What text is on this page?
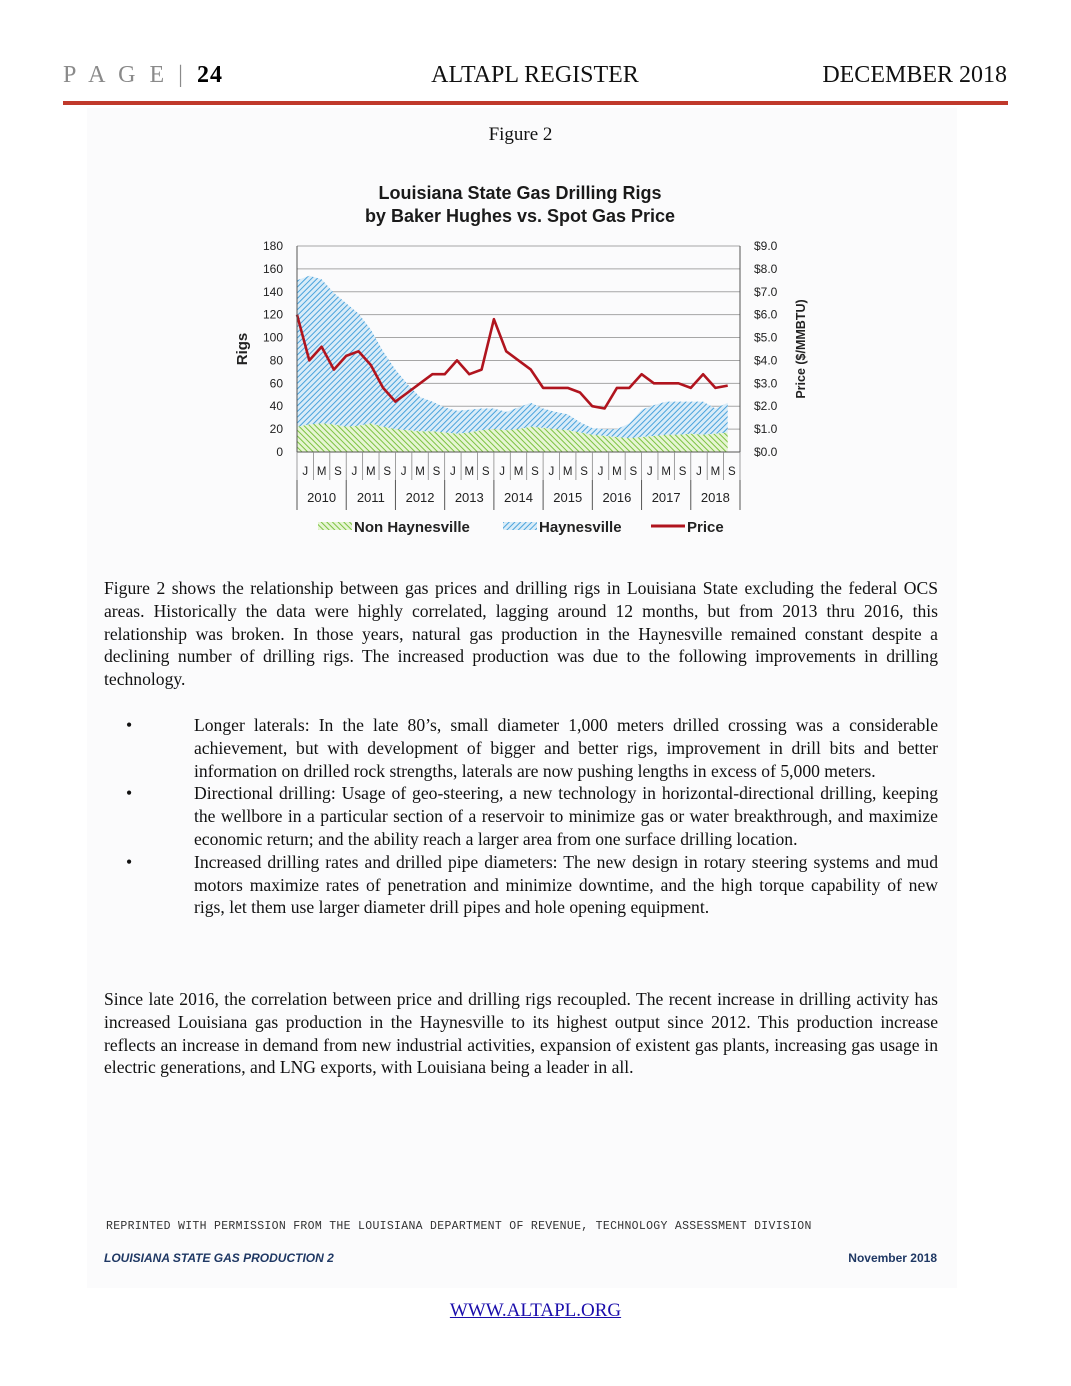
P A G E | 24	ALTAPL REGISTER	DECEMBER 2018
Figure 2
Louisiana State Gas Drilling Rigs
by Baker Hughes vs. Spot Gas Price
180
160
140
120
100
80
60
40
20
0
$9.0
$8.0
$7.0
$6.0
$5.0
$4.0
$3.0
$2.0
$1.0
$0.0
Rigs	Price ($/MMBTU)
J M S J M S J M S J M S J M S J M S J M S J M S J M S
2010 2011 2012 2013 2014 2015 2016 2017 2018
Non Haynesville	Haynesville	Price
Figure 2 shows the relationship between gas prices and drilling rigs in Louisiana State excluding the federal OCS areas. Historically the data were highly correlated, lagging around 12 months, but from 2013 thru 2016, this relationship was broken. In those years, natural gas production in the Haynesville remained constant despite a declining number of drilling rigs. The increased production was due to the following improvements in drilling technology.
•	Longer laterals: In the late 80’s, small diameter 1,000 meters drilled crossing was a considerable achievement, but with development of bigger and better rigs, improvement in drill bits and better information on drilled rock strengths, laterals are now pushing lengths in excess of 5,000 meters.
•	Directional drilling: Usage of geo-steering, a new technology in horizontal-directional drilling, keeping the wellbore in a particular section of a reservoir to minimize gas or water breakthrough, and maximize economic return; and the ability reach a larger area from one surface drilling location.
•	Increased drilling rates and drilled pipe diameters: The new design in rotary steering systems and mud motors maximize rates of penetration and minimize downtime, and the high torque capability of new rigs, let them use larger diameter drill pipes and hole opening equipment.
Since late 2016, the correlation between price and drilling rigs recoupled. The recent increase in drilling activity has increased Louisiana gas production in the Haynesville to its highest output since 2012. This production increase reflects an increase in demand from new industrial activities, expansion of existent gas plants, increasing gas usage in electric generations, and LNG exports, with Louisiana being a leader in all.
REPRINTED WITH PERMISSION FROM THE LOUISIANA DEPARTMENT OF REVENUE, TECHNOLOGY ASSESSMENT DIVISION
LOUISIANA STATE GAS PRODUCTION 2	November 2018
WWW.ALTAPL.ORG
